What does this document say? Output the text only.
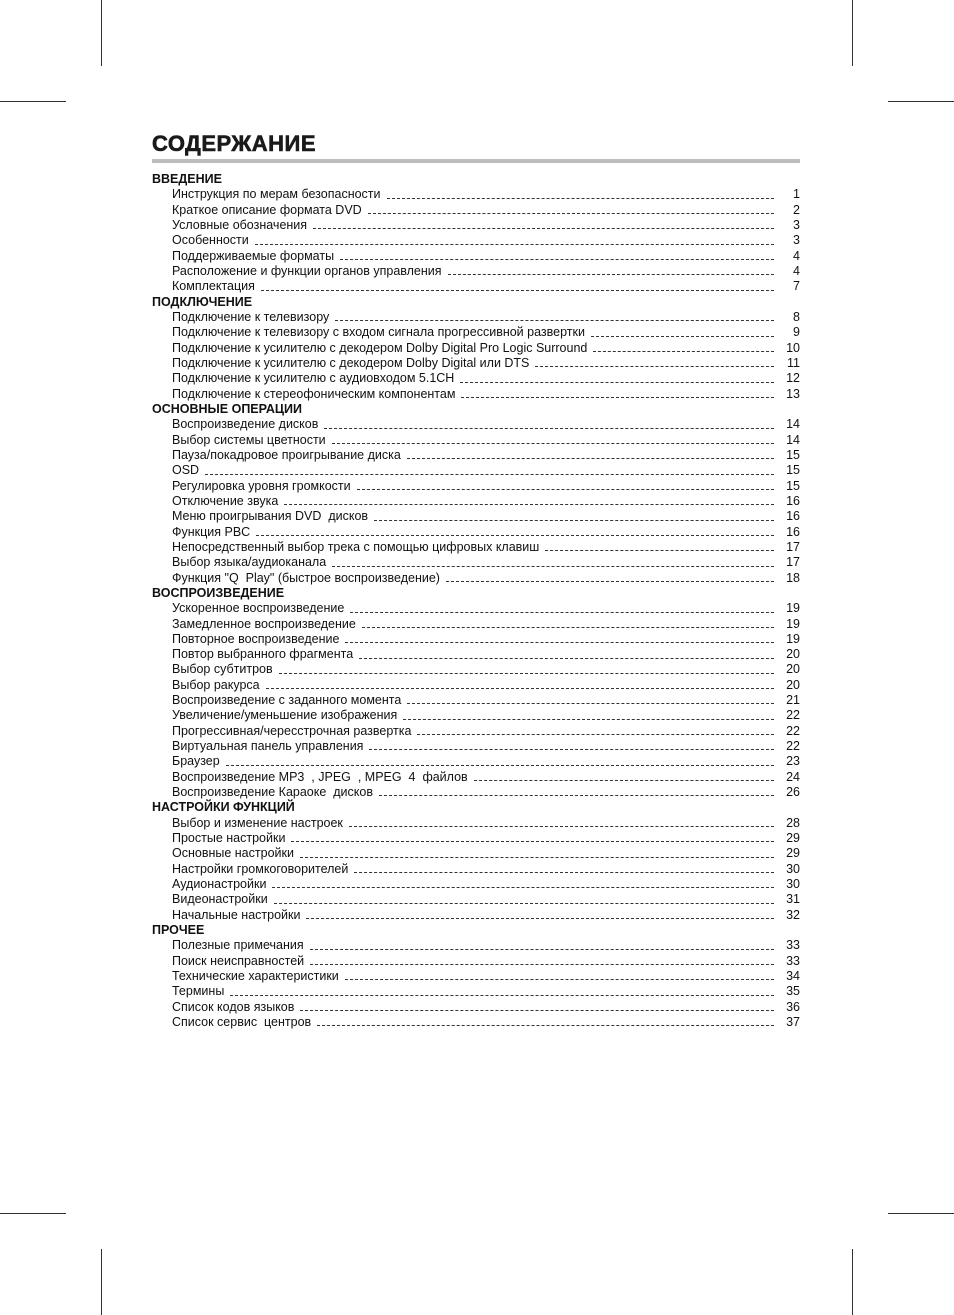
СОДЕРЖАНИЕ
ВВЕДЕНИЕ
Инструкция по мерам безопасности	1
Краткое описание формата DVD	2
Условные обозначения	3
Особенности	3
Поддерживаемые форматы	4
Расположение и функции органов управления	4
Комплектация	7
ПОДКЛЮЧЕНИЕ
Подключение к телевизору	8
Подключение к телевизору с входом сигнала прогрессивной развертки	9
Подключение к усилителю с декодером Dolby Digital Pro Logic Surround	10
Подключение к усилителю с декодером Dolby Digital или DTS	11
Подключение к усилителю с аудиовходом 5.1CH	12
Подключение к стереофоническим компонентам	13
ОСНОВНЫЕ ОПЕРАЦИИ
Воспроизведение дисков	14
Выбор системы цветности	14
Пауза/покадровое проигрывание диска	15
OSD	15
Регулировка уровня громкости	15
Отключение звука	16
Меню проигрывания DVD  дисков	16
Функция PBC	16
Непосредственный выбор трека с помощью цифровых клавиш	17
Выбор языка/аудиоканала	17
Функция "Q  Play" (быстрое воспроизведение)	18
ВОСПРОИЗВЕДЕНИЕ
Ускоренное воспроизведение	19
Замедленное воспроизведение	19
Повторное воспроизведение	19
Повтор выбранного фрагмента	20
Выбор субтитров	20
Выбор ракурса	20
Воспроизведение с заданного момента	21
Увеличение/уменьшение изображения	22
Прогрессивная/чересстрочная развертка	22
Виртуальная панель управления	22
Браузер	23
Воспроизведение MP3  , JPEG  , MPEG  4  файлов	24
Воспроизведение Караоке  дисков	26
НАСТРОЙКИ ФУНКЦИЙ
Выбор и изменение настроек	28
Простые настройки	29
Основные настройки	29
Настройки громкоговорителей	30
Аудионастройки	30
Видеонастройки	31
Начальные настройки	32
ПРОЧЕЕ
Полезные примечания	33
Поиск неисправностей	33
Технические характеристики	34
Термины	35
Список кодов языков	36
Список сервис  центров	37
